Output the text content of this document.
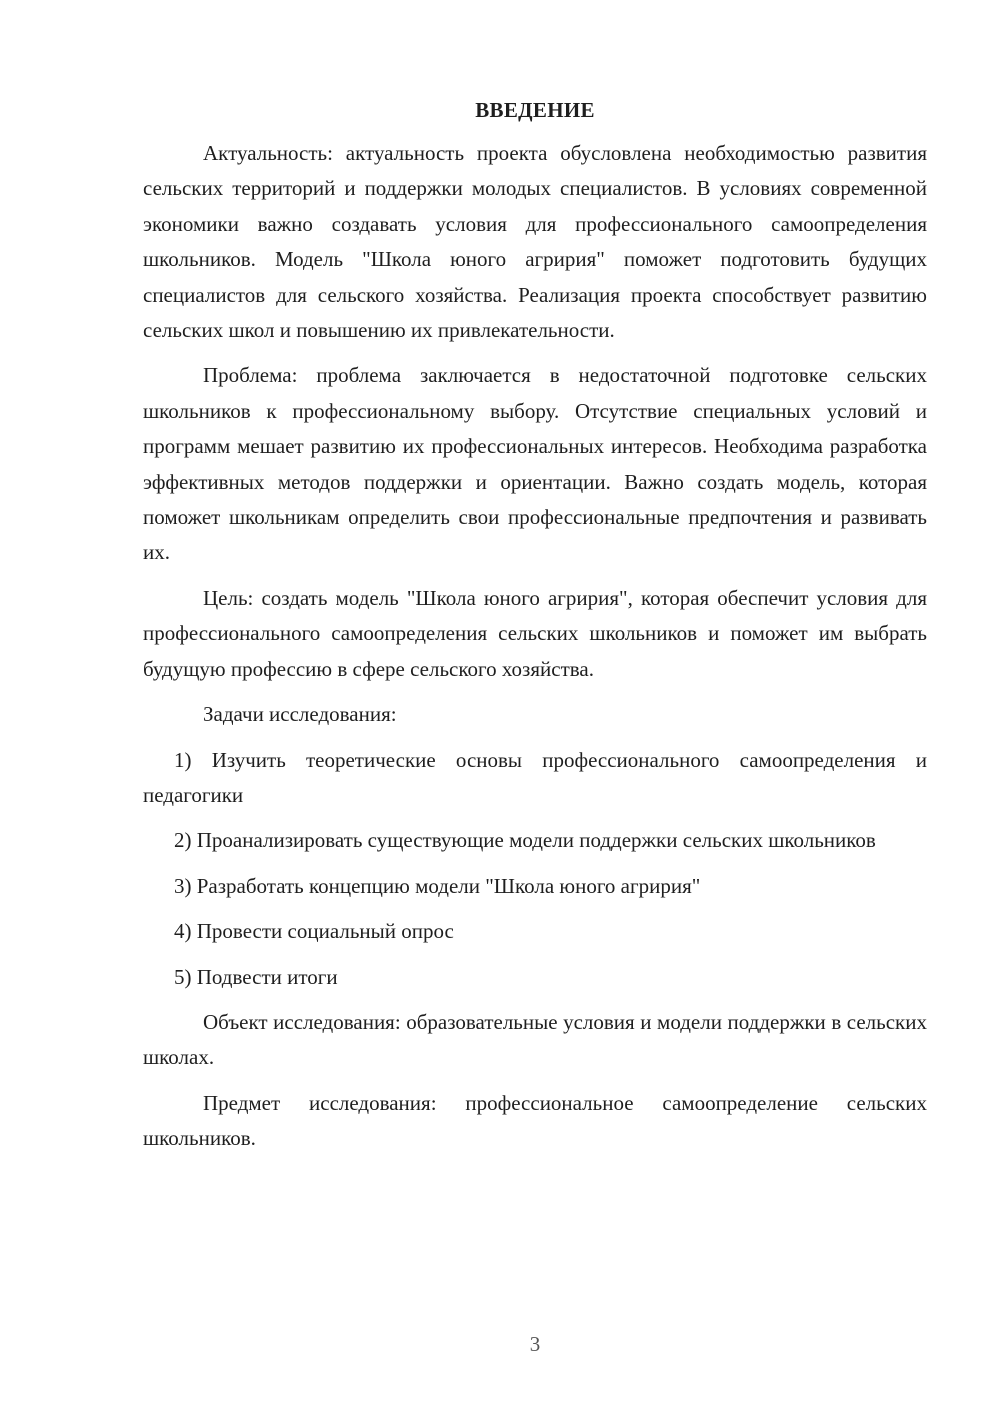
ВВЕДЕНИЕ

Актуальность: актуальность проекта обусловлена необходимостью развития сельских территорий и поддержки молодых специалистов. В условиях современной экономики важно создавать условия для профессионального самоопределения школьников. Модель "Школа юного агририя" поможет подготовить будущих специалистов для сельского хозяйства. Реализация проекта способствует развитию сельских школ и повышению их привлекательности.

Проблема: проблема заключается в недостаточной подготовке сельских школьников к профессиональному выбору. Отсутствие специальных условий и программ мешает развитию их профессиональных интересов. Необходима разработка эффективных методов поддержки и ориентации. Важно создать модель, которая поможет школьникам определить свои профессиональные предпочтения и развивать их.

Цель: создать модель "Школа юного агририя", которая обеспечит условия для профессионального самоопределения сельских школьников и поможет им выбрать будущую профессию в сфере сельского хозяйства.

Задачи исследования:

1) Изучить теоретические основы профессионального самоопределения и педагогики

2) Проанализировать существующие модели поддержки сельских школьников

3) Разработать концепцию модели "Школа юного агририя"

4) Провести социальный опрос

5) Подвести итоги

Объект исследования: образовательные условия и модели поддержки в сельских школах.

Предмет исследования: профессиональное самоопределение сельских школьников.

3
